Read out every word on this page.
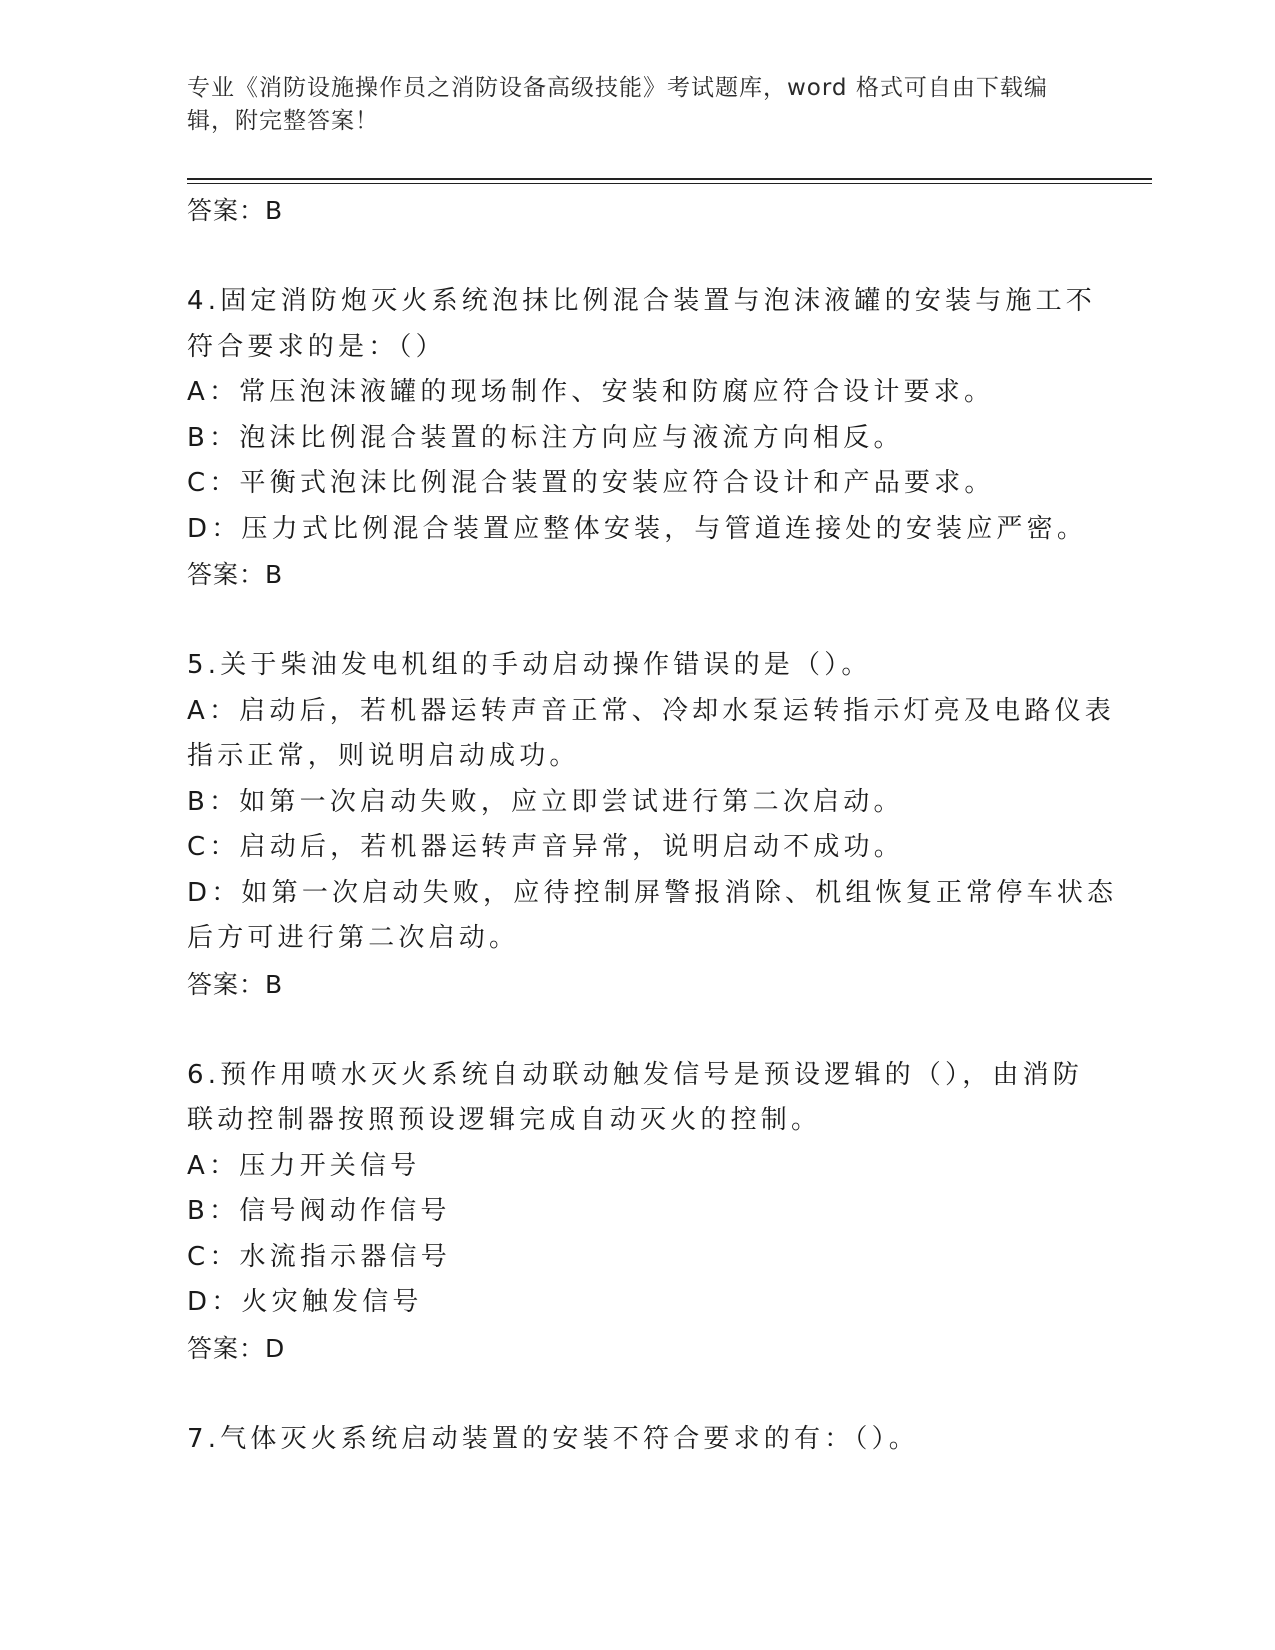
专业《消防设施操作员之消防设备高级技能》考试题库，word 格式可自由下载编
辑，附完整答案！
答案：B
4.固定消防炮灭火系统泡抹比例混合装置与泡沫液罐的安装与施工不
符合要求的是：（）
A：常压泡沫液罐的现场制作、安装和防腐应符合设计要求。
B：泡沫比例混合装置的标注方向应与液流方向相反。
C：平衡式泡沫比例混合装置的安装应符合设计和产品要求。
D：压力式比例混合装置应整体安装，与管道连接处的安装应严密。
答案：B
5.关于柴油发电机组的手动启动操作错误的是（）。
A：启动后，若机器运转声音正常、冷却水泵运转指示灯亮及电路仪表
指示正常，则说明启动成功。
B：如第一次启动失败，应立即尝试进行第二次启动。
C：启动后，若机器运转声音异常，说明启动不成功。
D：如第一次启动失败，应待控制屏警报消除、机组恢复正常停车状态
后方可进行第二次启动。
答案：B
6.预作用喷水灭火系统自动联动触发信号是预设逻辑的（），由消防
联动控制器按照预设逻辑完成自动灭火的控制。
A：压力开关信号
B：信号阀动作信号
C：水流指示器信号
D：火灾触发信号
答案：D
7.气体灭火系统启动装置的安装不符合要求的有：（）。
